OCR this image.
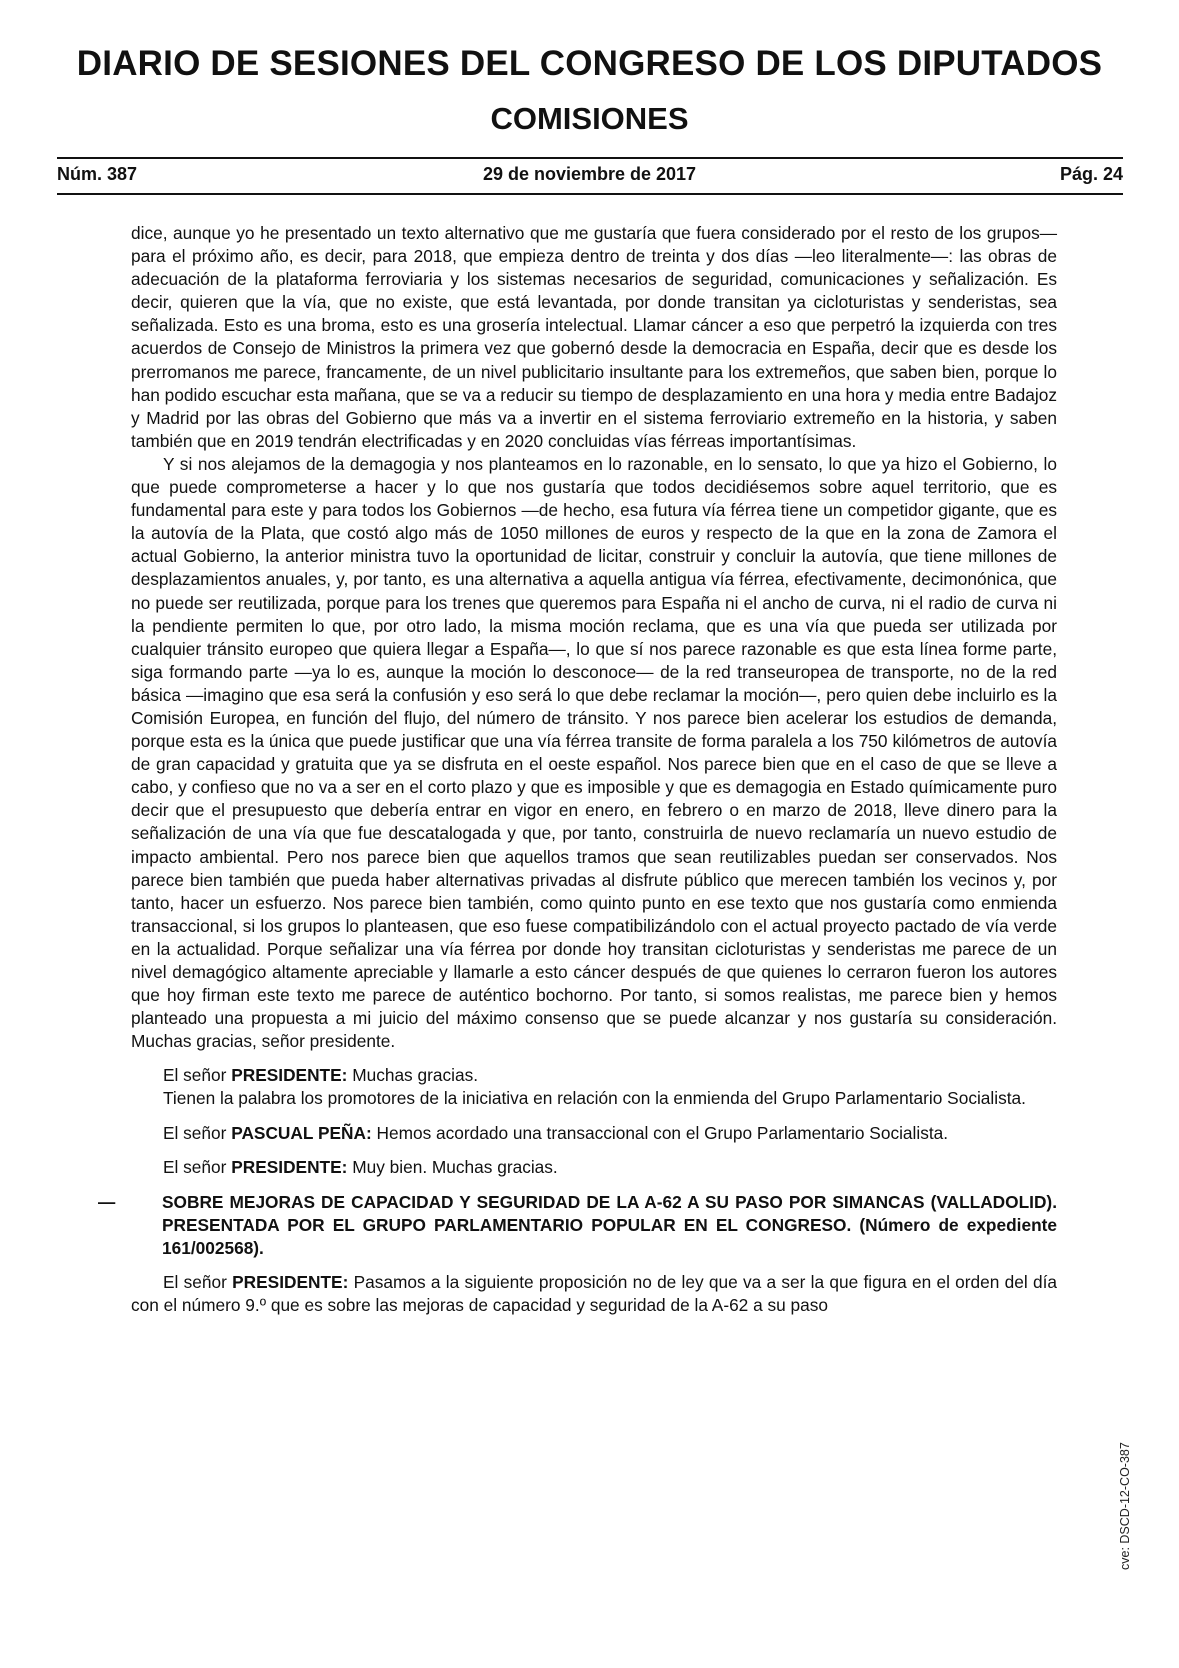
DIARIO DE SESIONES DEL CONGRESO DE LOS DIPUTADOS
COMISIONES
Núm. 387	29 de noviembre de 2017	Pág. 24

dice, aunque yo he presentado un texto alternativo que me gustaría que fuera considerado por el resto de los grupos— para el próximo año, es decir, para 2018, que empieza dentro de treinta y dos días —leo literalmente—: las obras de adecuación de la plataforma ferroviaria y los sistemas necesarios de seguridad, comunicaciones y señalización. Es decir, quieren que la vía, que no existe, que está levantada, por donde transitan ya cicloturistas y senderistas, sea señalizada. Esto es una broma, esto es una grosería intelectual. Llamar cáncer a eso que perpetró la izquierda con tres acuerdos de Consejo de Ministros la primera vez que gobernó desde la democracia en España, decir que es desde los prerromanos me parece, francamente, de un nivel publicitario insultante para los extremeños, que saben bien, porque lo han podido escuchar esta mañana, que se va a reducir su tiempo de desplazamiento en una hora y media entre Badajoz y Madrid por las obras del Gobierno que más va a invertir en el sistema ferroviario extremeño en la historia, y saben también que en 2019 tendrán electrificadas y en 2020 concluidas vías férreas importantísimas.

Y si nos alejamos de la demagogia y nos planteamos en lo razonable, en lo sensato, lo que ya hizo el Gobierno, lo que puede comprometerse a hacer y lo que nos gustaría que todos decidiésemos sobre aquel territorio, que es fundamental para este y para todos los Gobiernos —de hecho, esa futura vía férrea tiene un competidor gigante, que es la autovía de la Plata, que costó algo más de 1050 millones de euros y respecto de la que en la zona de Zamora el actual Gobierno, la anterior ministra tuvo la oportunidad de licitar, construir y concluir la autovía, que tiene millones de desplazamientos anuales, y, por tanto, es una alternativa a aquella antigua vía férrea, efectivamente, decimonónica, que no puede ser reutilizada, porque para los trenes que queremos para España ni el ancho de curva, ni el radio de curva ni la pendiente permiten lo que, por otro lado, la misma moción reclama, que es una vía que pueda ser utilizada por cualquier tránsito europeo que quiera llegar a España—, lo que sí nos parece razonable es que esta línea forme parte, siga formando parte —ya lo es, aunque la moción lo desconoce— de la red transeuropea de transporte, no de la red básica —imagino que esa será la confusión y eso será lo que debe reclamar la moción—, pero quien debe incluirlo es la Comisión Europea, en función del flujo, del número de tránsito. Y nos parece bien acelerar los estudios de demanda, porque esta es la única que puede justificar que una vía férrea transite de forma paralela a los 750 kilómetros de autovía de gran capacidad y gratuita que ya se disfruta en el oeste español. Nos parece bien que en el caso de que se lleve a cabo, y confieso que no va a ser en el corto plazo y que es imposible y que es demagogia en Estado químicamente puro decir que el presupuesto que debería entrar en vigor en enero, en febrero o en marzo de 2018, lleve dinero para la señalización de una vía que fue descatalogada y que, por tanto, construirla de nuevo reclamaría un nuevo estudio de impacto ambiental. Pero nos parece bien que aquellos tramos que sean reutilizables puedan ser conservados. Nos parece bien también que pueda haber alternativas privadas al disfrute público que merecen también los vecinos y, por tanto, hacer un esfuerzo. Nos parece bien también, como quinto punto en ese texto que nos gustaría como enmienda transaccional, si los grupos lo planteasen, que eso fuese compatibilizándolo con el actual proyecto pactado de vía verde en la actualidad. Porque señalizar una vía férrea por donde hoy transitan cicloturistas y senderistas me parece de un nivel demagógico altamente apreciable y llamarle a esto cáncer después de que quienes lo cerraron fueron los autores que hoy firman este texto me parece de auténtico bochorno. Por tanto, si somos realistas, me parece bien y hemos planteado una propuesta a mi juicio del máximo consenso que se puede alcanzar y nos gustaría su consideración. Muchas gracias, señor presidente.

El señor PRESIDENTE: Muchas gracias.

Tienen la palabra los promotores de la iniciativa en relación con la enmienda del Grupo Parlamentario Socialista.

El señor PASCUAL PEÑA: Hemos acordado una transaccional con el Grupo Parlamentario Socialista.

El señor PRESIDENTE: Muy bien. Muchas gracias.

—	SOBRE MEJORAS DE CAPACIDAD Y SEGURIDAD DE LA A-62 A SU PASO POR SIMANCAS (VALLADOLID). PRESENTADA POR EL GRUPO PARLAMENTARIO POPULAR EN EL CONGRESO. (Número de expediente 161/002568).

El señor PRESIDENTE: Pasamos a la siguiente proposición no de ley que va a ser la que figura en el orden del día con el número 9.º que es sobre las mejoras de capacidad y seguridad de la A-62 a su paso

cve: DSCD-12-CO-387
